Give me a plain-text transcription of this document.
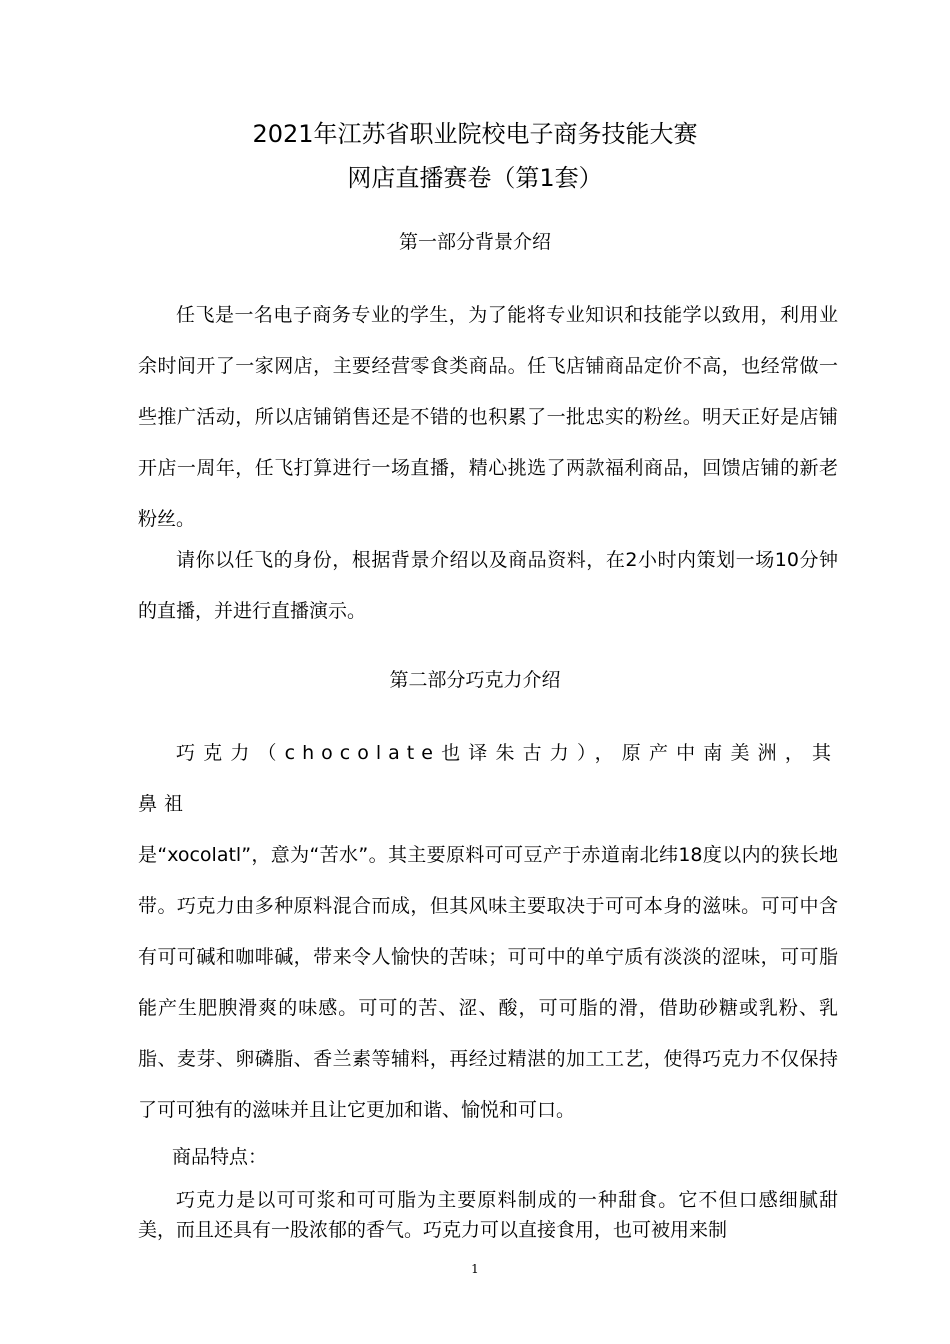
2021年江苏省职业院校电子商务技能大赛
网店直播赛卷（第1套）
第一部分背景介绍

任飞是一名电子商务专业的学生，为了能将专业知识和技能学以致用，利用业余时间开了一家网店，主要经营零食类商品。任飞店铺商品定价不高，也经常做一些推广活动，所以店铺销售还是不错的也积累了一批忠实的粉丝。明天正好是店铺开店一周年，任飞打算进行一场直播，精心挑选了两款福利商品，回馈店铺的新老粉丝。

请你以任飞的身份，根据背景介绍以及商品资料，在2小时内策划一场10分钟的直播，并进行直播演示。

第二部分巧克力介绍

巧克力（chocolate也译朱古力），原产中南美洲，其鼻祖

是“xocolatl”，意为“苦水”。其主要原料可可豆产于赤道南北纬18度以内的狭长地带。巧克力由多种原料混合而成，但其风味主要取决于可可本身的滋味。可可中含有可可碱和咖啡碱，带来令人愉快的苦味；可可中的单宁质有淡淡的涩味，可可脂能产生肥腴滑爽的味感。可可的苦、涩、酸，可可脂的滑，借助砂糖或乳粉、乳脂、麦芽、卵磷脂、香兰素等辅料，再经过精湛的加工工艺，使得巧克力不仅保持了可可独有的滋味并且让它更加和谐、愉悦和可口。

商品特点：

巧克力是以可可浆和可可脂为主要原料制成的一种甜食。它不但口感细腻甜美，而且还具有一股浓郁的香气。巧克力可以直接食用，也可被用来制

1
